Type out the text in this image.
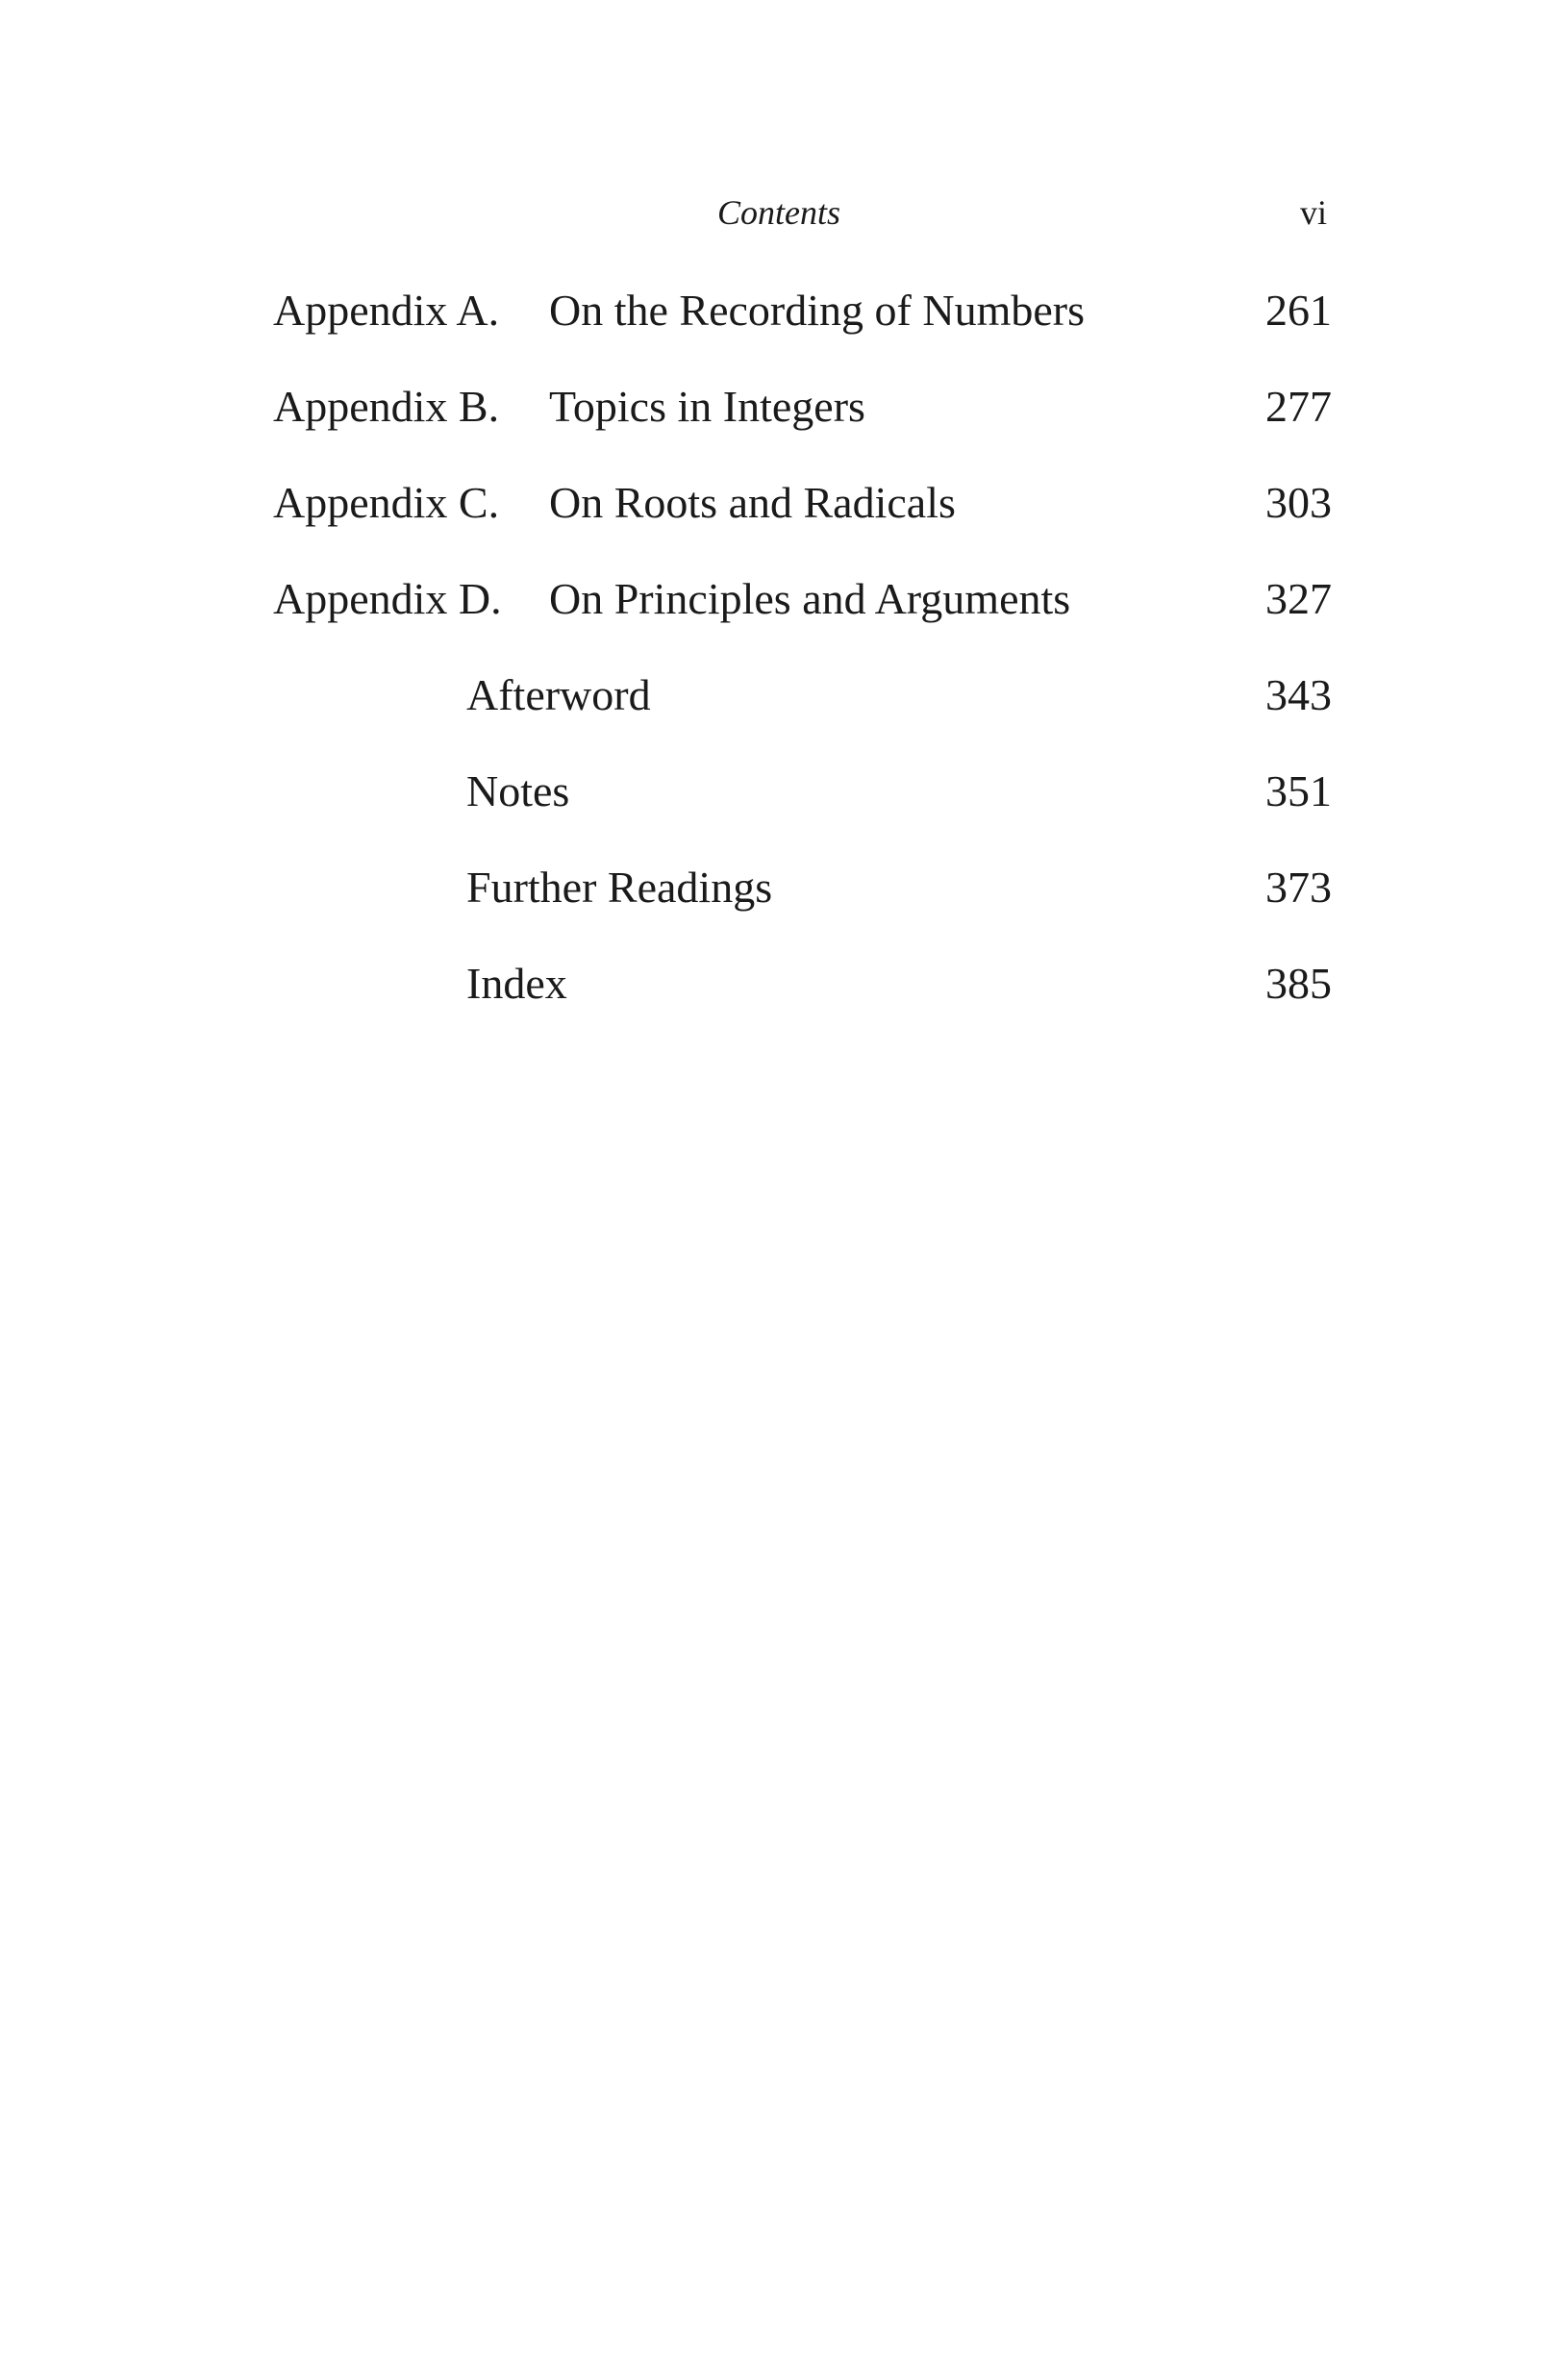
Contents	vi
Appendix A. On the Recording of Numbers	261
Appendix B. Topics in Integers	277
Appendix C. On Roots and Radicals	303
Appendix D. On Principles and Arguments	327
Afterword	343
Notes	351
Further Readings	373
Index	385
